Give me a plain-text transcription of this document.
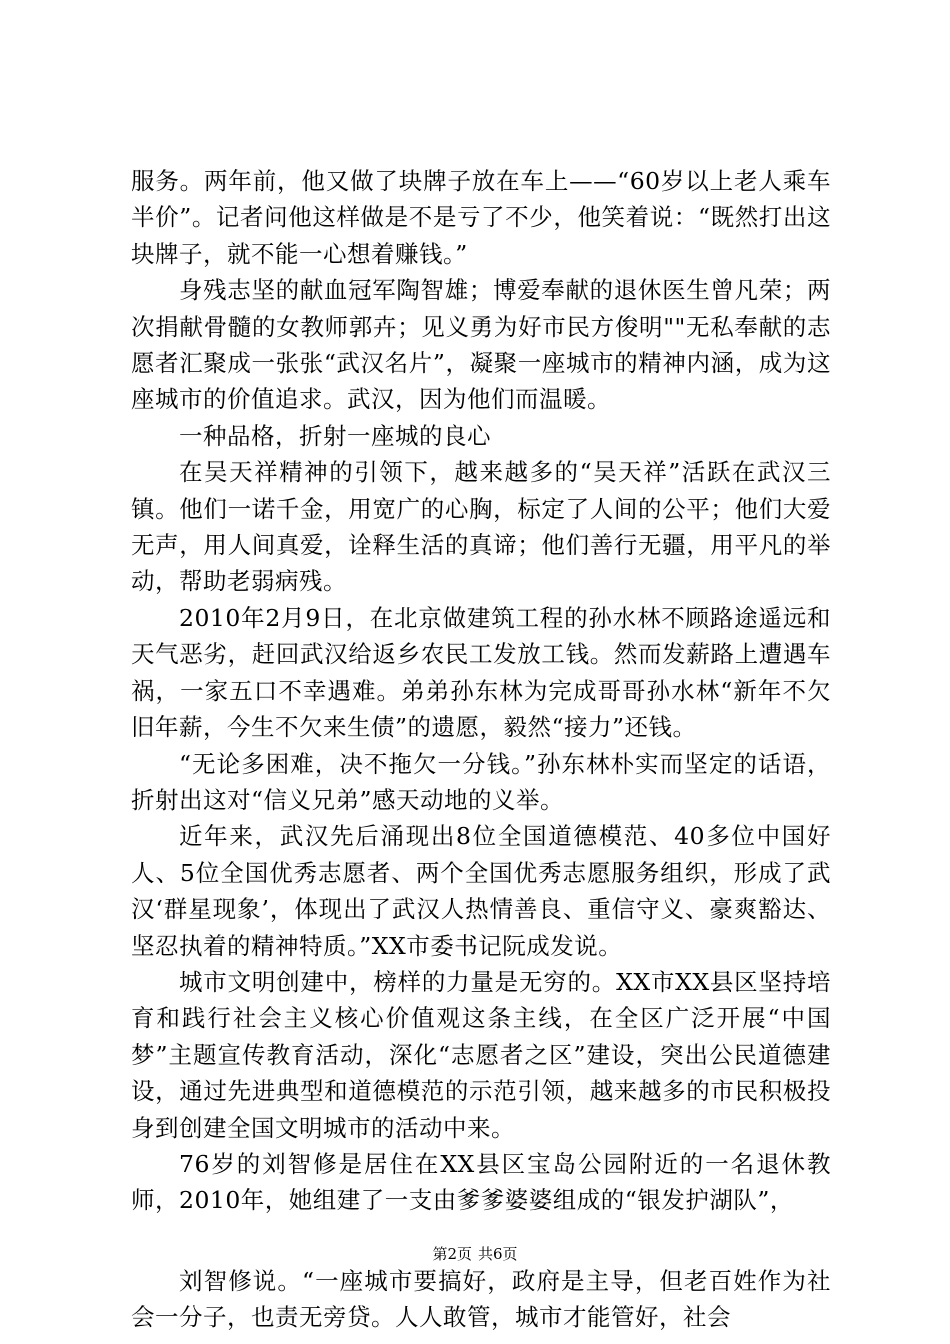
服务。两年前，他又做了块牌子放在车上——“60岁以上老人乘车半价”。记者问他这样做是不是亏了不少，他笑着说：“既然打出这块牌子，就不能一心想着赚钱。”

身残志坚的献血冠军陶智雄；博爱奉献的退休医生曾凡荣；两次捐献骨髓的女教师郭卉；见义勇为好市民方俊明""无私奉献的志愿者汇聚成一张张“武汉名片”，凝聚一座城市的精神内涵，成为这座城市的价值追求。武汉，因为他们而温暖。

一种品格，折射一座城的良心

在吴天祥精神的引领下，越来越多的“吴天祥”活跃在武汉三镇。他们一诺千金，用宽广的心胸，标定了人间的公平；他们大爱无声，用人间真爱，诠释生活的真谛；他们善行无疆，用平凡的举动，帮助老弱病残。

2010年2月9日，在北京做建筑工程的孙水林不顾路途遥远和天气恶劣，赶回武汉给返乡农民工发放工钱。然而发薪路上遭遇车祸，一家五口不幸遇难。弟弟孙东林为完成哥哥孙水林“新年不欠旧年薪，今生不欠来生债”的遗愿，毅然“接力”还钱。

“无论多困难，决不拖欠一分钱。”孙东林朴实而坚定的话语，折射出这对“信义兄弟”感天动地的义举。

近年来，武汉先后涌现出8位全国道德模范、40多位中国好人、5位全国优秀志愿者、两个全国优秀志愿服务组织，形成了武汉‘群星现象’，体现出了武汉人热情善良、重信守义、豪爽豁达、坚忍执着的精神特质。”XX市委书记阮成发说。

城市文明创建中，榜样的力量是无穷的。XX市XX县区坚持培育和践行社会主义核心价值观这条主线，在全区广泛开展“中国梦”主题宣传教育活动，深化“志愿者之区”建设，突出公民道德建设，通过先进典型和道德模范的示范引领，越来越多的市民积极投身到创建全国文明城市的活动中来。

76岁的刘智修是居住在XX县区宝岛公园附近的一名退休教师，2010年，她组建了一支由爹爹婆婆组成的“银发护湖队”，

刘智修说。“一座城市要搞好，政府是主导，但老百姓作为社会一分子，也责无旁贷。人人敢管，城市才能管好，社会

第2页 共6页
